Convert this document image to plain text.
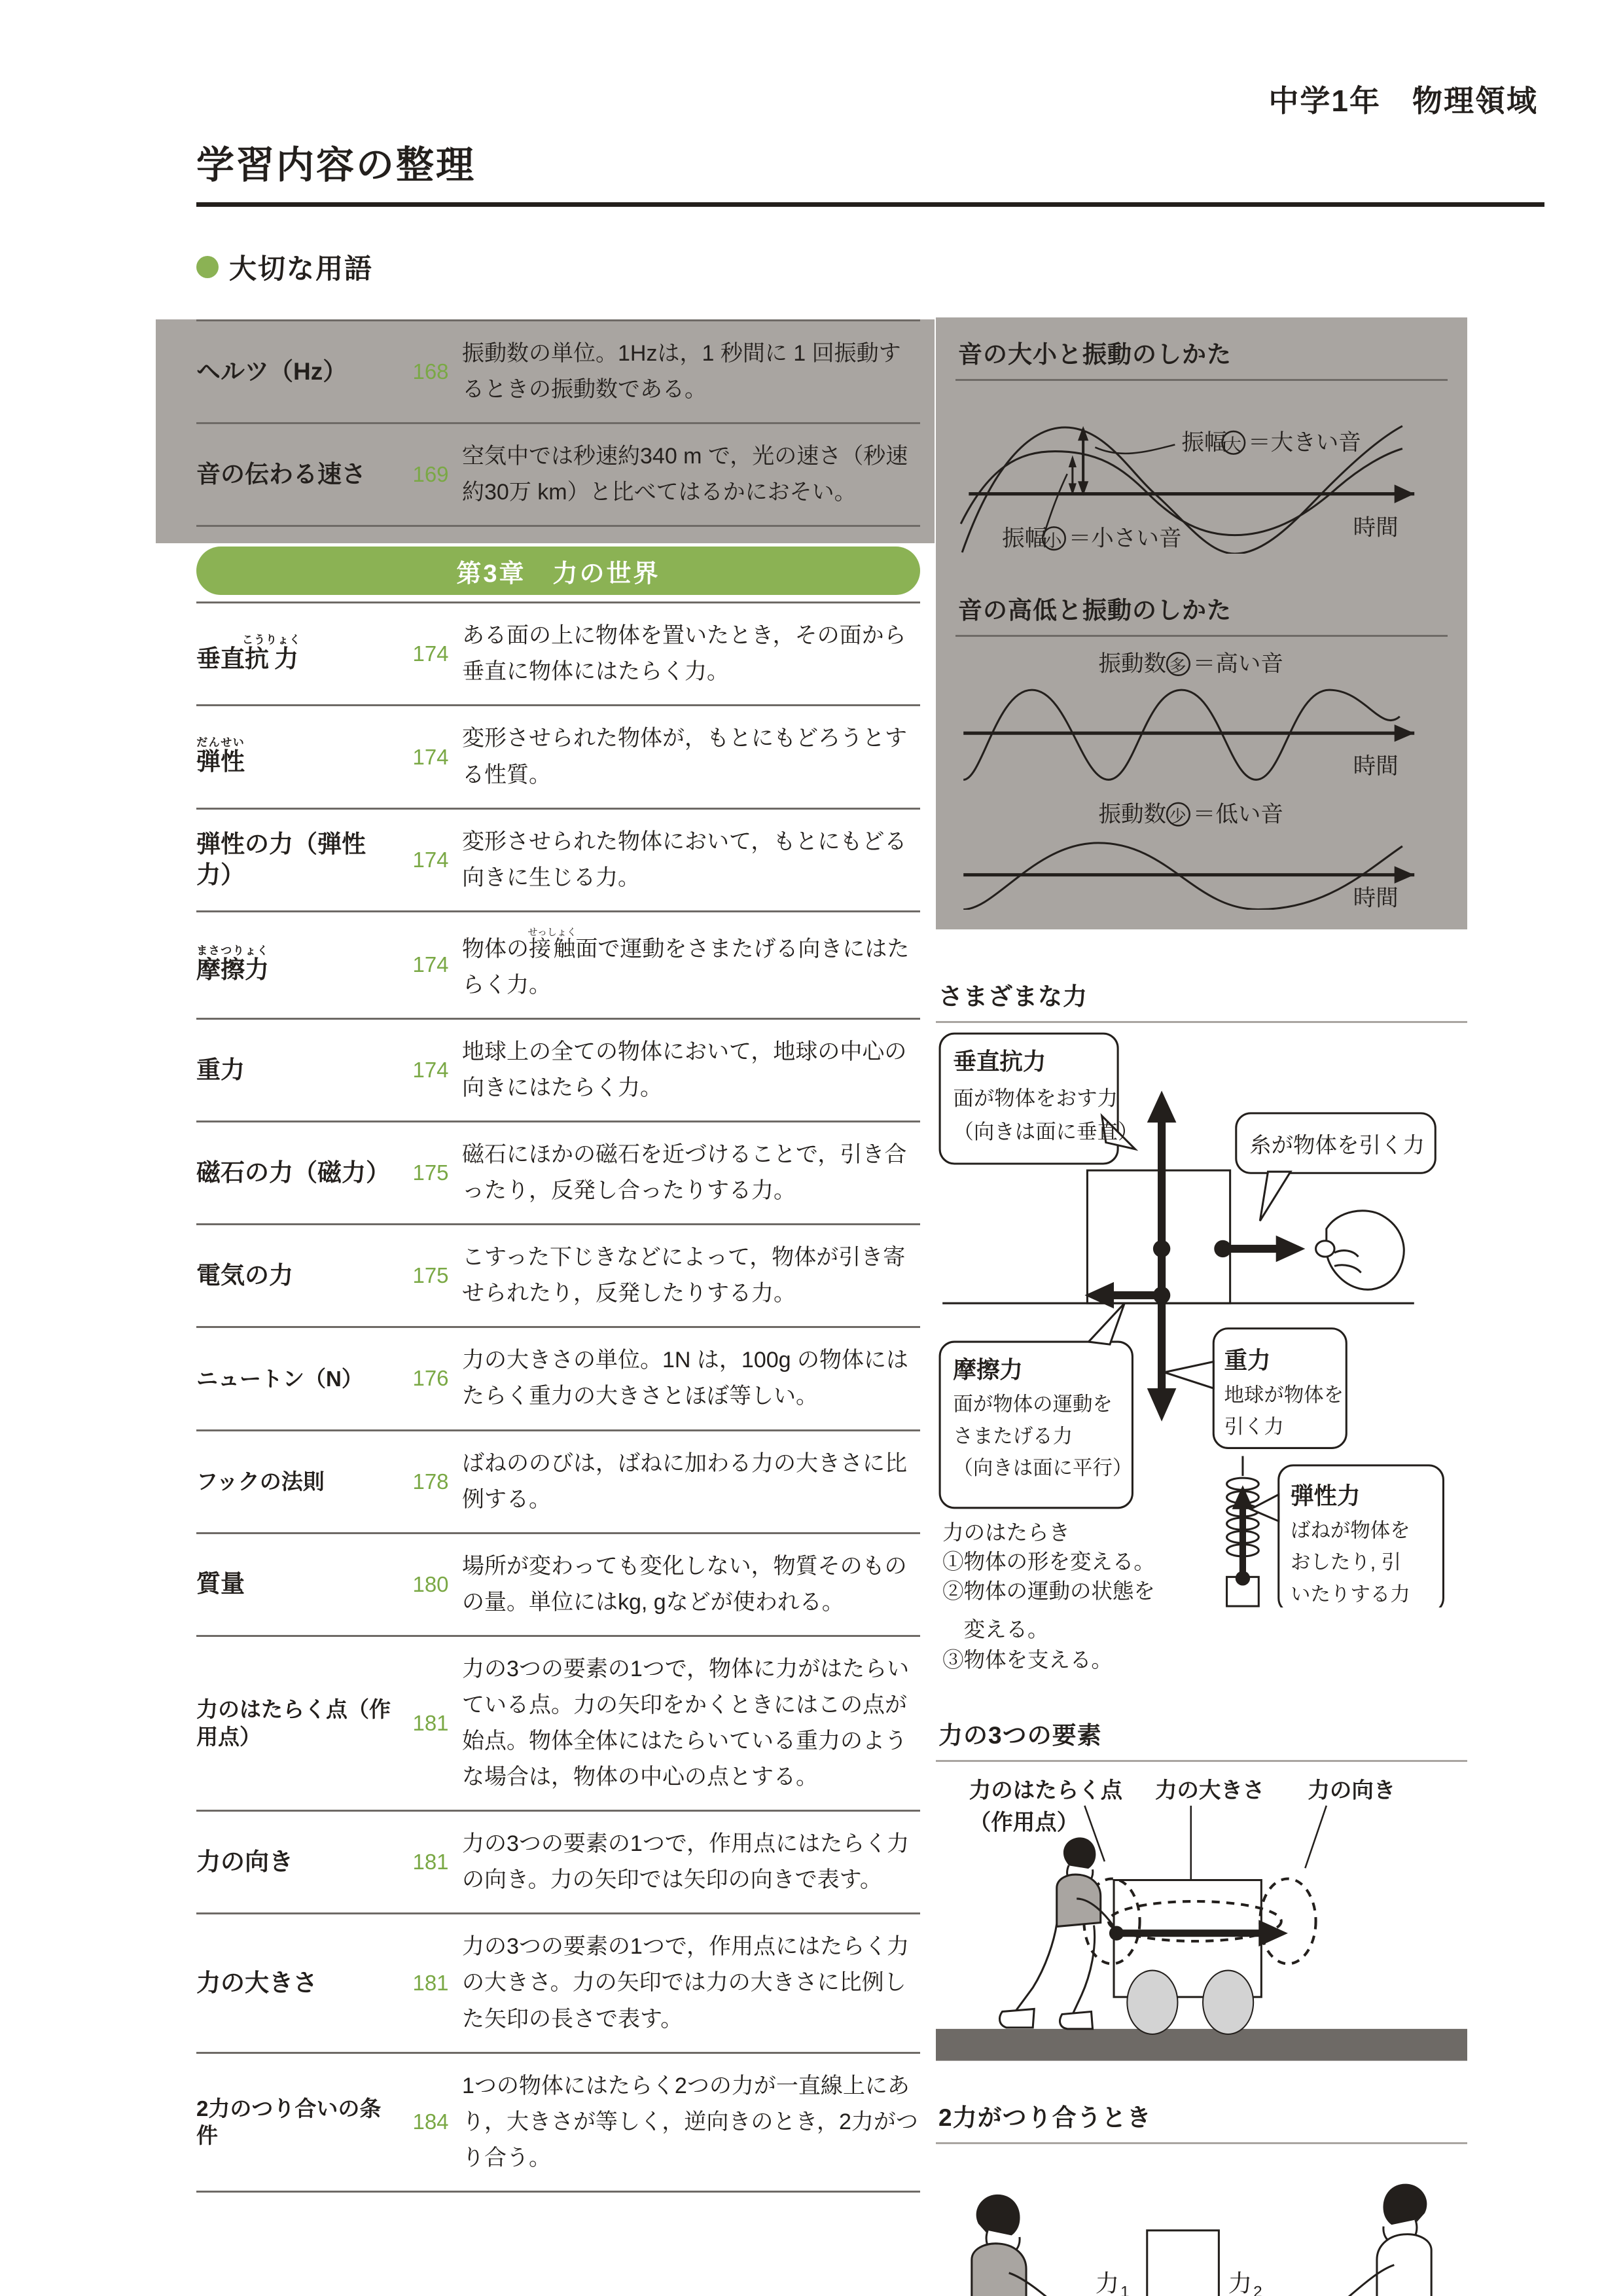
中学1年　物理領域
学習内容の整理
大切な用語
ヘルツ（Hz）	168
振動数の単位。1Hzは，1 秒間に 1 回振動するときの振動数である。
音の伝わる速さ	169
空気中では秒速約340 m で，光の速さ（秒速約30万 km）と比べてはるかにおそい。
第3章　力の世界
垂直抗力こうりょく
174
ある面の上に物体を置いたとき，その面から垂直に物体にはたらく力。
弾性だんせい
174
変形させられた物体が，もとにもどろうとする性質。
弾性の力（弾性力）
174
変形させられた物体において，もとにもどる向きに生じる力。
摩擦力まさつりょく
174
物体の接触せっしょく面で運動をさまたげる向きにはたらく力。
重力	174
地球上の全ての物体において，地球の中心の向きにはたらく力。
磁石の力（磁力）	175
磁石にほかの磁石を近づけることで，引き合ったり，反発し合ったりする力。
電気の力	175
こすった下じきなどによって，物体が引き寄せられたり，反発したりする力。
ニュートン（N）	176
力の大きさの単位。1N は，100g の物体にはたらく重力の大きさとほぼ等しい。
フックの法則	178
ばねののびは，ばねに加わる力の大きさに比例する。
質量	180
場所が変わっても変化しない，物質そのものの量。単位にはkg, gなどが使われる。
力のはたらく点（作用点）
181
力の3つの要素の1つで，物体に力がはたらいている点。力の矢印をかくときにはこの点が始点。物体全体にはたらいている重力のような場合は，物体の中心の点とする。
力の向き	181
力の3つの要素の1つで，作用点にはたらく力の向き。力の矢印では矢印の向きで表す。
力の大きさ	181
力の3つの要素の1つで，作用点にはたらく力の大きさ。力の矢印では力の大きさに比例した矢印の長さで表す。
2力のつり合いの条件
184
1つの物体にはたらく2つの力が一直線上にあり，大きさが等しく，逆向きのとき，2力がつり合う。
音の大小と振動のしかた
振幅
大 ＝大きい音
振幅
小 ＝小さい音	時間
音の高低と振動のしかた
振動数 多 ＝高い音
時間
振動数 少 ＝低い音
時間
さまざまな力
垂直抗力
面が物体をおす力
（向きは面に垂直）
糸が物体を引く力
摩擦力
面が物体の運動を
さまたげる力
（向きは面に平行）
重力
地球が物体を
引く力
弾性力
ばねが物体を
おしたり, 引
いたりする力
力のはたらき
①物体の形を変える。
②物体の運動の状態を
　変える。
③物体を支える。
力の3つの要素
力のはたらく点
（作用点）
力の大きさ 力の向き
2力がつり合うとき
力 1	力 2
